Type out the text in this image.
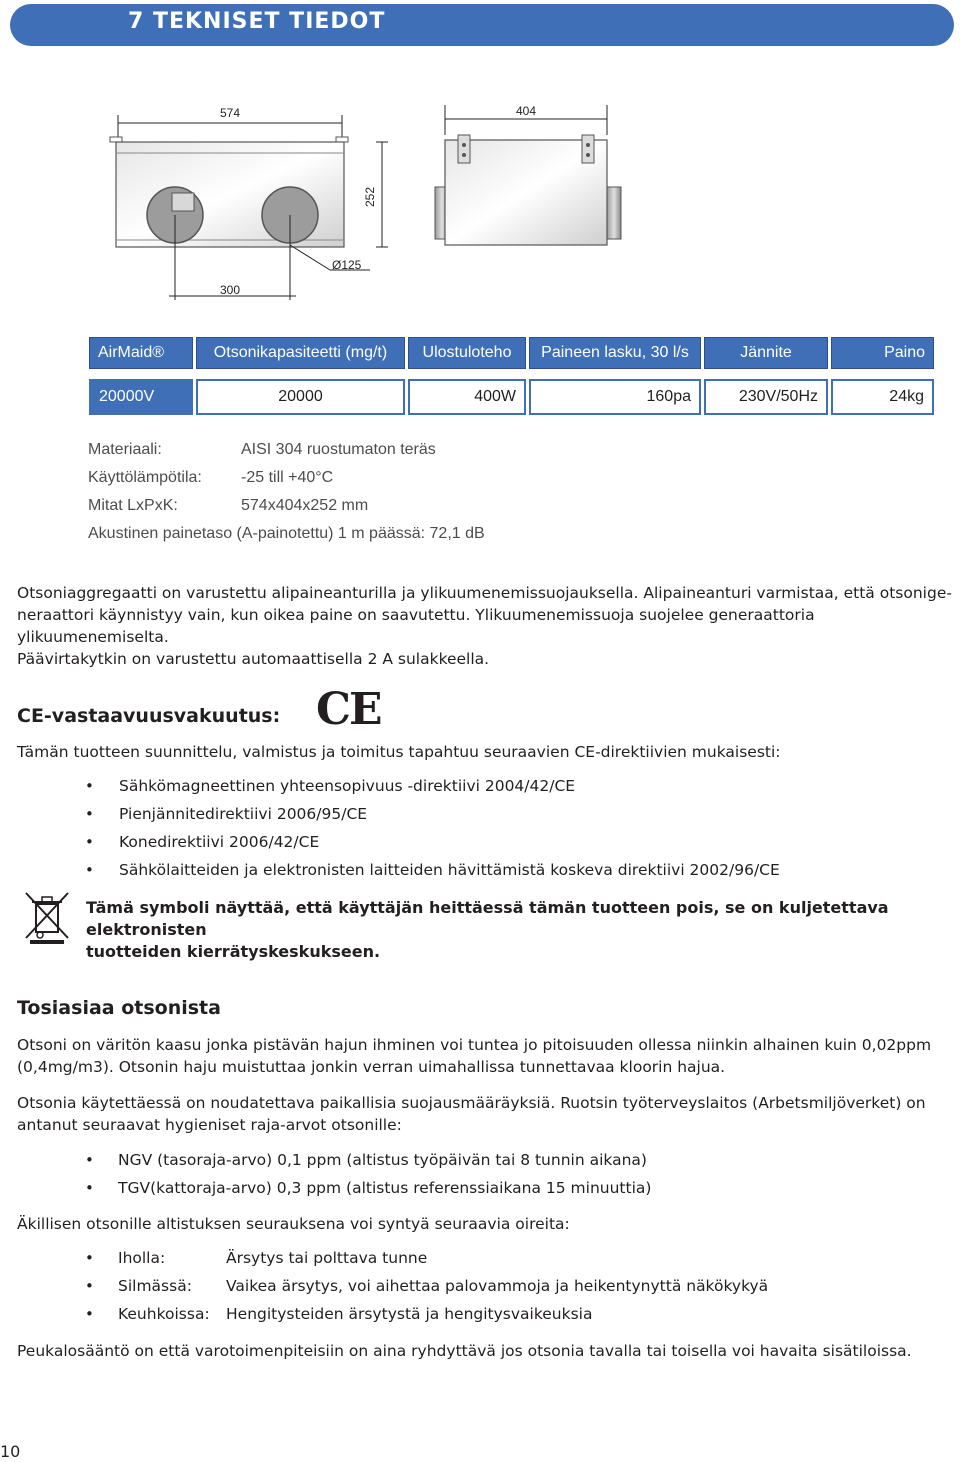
7 TEKNISET TIEDOT
574
252
300
Ø125
404
AirMaid®	Otsonikapasiteetti (mg/t)	Ulostuloteho	Paineen lasku, 30 l/s	Jännite	Paino
20000V	20000	400W	160pa	230V/50Hz	24kg
Materiaali:	AISI 304 ruostumaton teräs
Käyttölämpötila: -25 till +40°C
Mitat LxPxK:	574x404x252 mm
Akustinen painetaso (A-painotettu) 1 m päässä: 72,1 dB
Otsoniaggregaatti on varustettu alipaineanturilla ja ylikuumenemissuojauksella. Alipaineanturi varmistaa, että otsonige-
neraattori käynnistyy vain, kun oikea paine on saavutettu. Ylikuumenemissuoja suojelee generaattoria ylikuumenemiselta.
Päävirtakytkin on varustettu automaattisella 2 A sulakkeella.
CE-vastaavuusvakuutus: CE
Tämän tuotteen suunnittelu, valmistus ja toimitus tapahtuu seuraavien CE-direktiivien mukaisesti:
• Sähkömagneettinen yhteensopivuus -direktiivi 2004/42/CE
• Pienjännitedirektiivi 2006/95/CE
• Konedirektiivi 2006/42/CE
• Sähkölaitteiden ja elektronisten laitteiden hävittämistä koskeva direktiivi 2002/96/CE
Tämä symboli näyttää, että käyttäjän heittäessä tämän tuotteen pois, se on kuljetettava elektronisten
tuotteiden kierrätyskeskukseen.
Tosiasiaa otsonista
Otsoni on väritön kaasu jonka pistävän hajun ihminen voi tuntea jo pitoisuuden ollessa niinkin alhainen kuin 0,02ppm
(0,4mg/m3). Otsonin haju muistuttaa jonkin verran uimahallissa tunnettavaa kloorin hajua.
Otsonia käytettäessä on noudatettava paikallisia suojausmääräyksiä. Ruotsin työterveyslaitos (Arbetsmiljöverket) on
antanut seuraavat hygieniset raja-arvot otsonille:
• NGV (tasoraja-arvo) 0,1 ppm (altistus työpäivän tai 8 tunnin aikana)
• TGV(kattoraja-arvo) 0,3 ppm (altistus referenssiaikana 15 minuuttia)
Äkillisen otsonille altistuksen seurauksena voi syntyä seuraavia oireita:
• Iholla:	Ärsytys tai polttava tunne
• Silmässä: Vaikea ärsytys, voi aihettaa palovammoja ja heikentynyttä näkökykyä
• Keuhkoissa: Hengitysteiden ärsytystä ja hengitysvaikeuksia
Peukalosääntö on että varotoimenpiteisiin on aina ryhdyttävä jos otsonia tavalla tai toisella voi havaita sisätiloissa.
10
